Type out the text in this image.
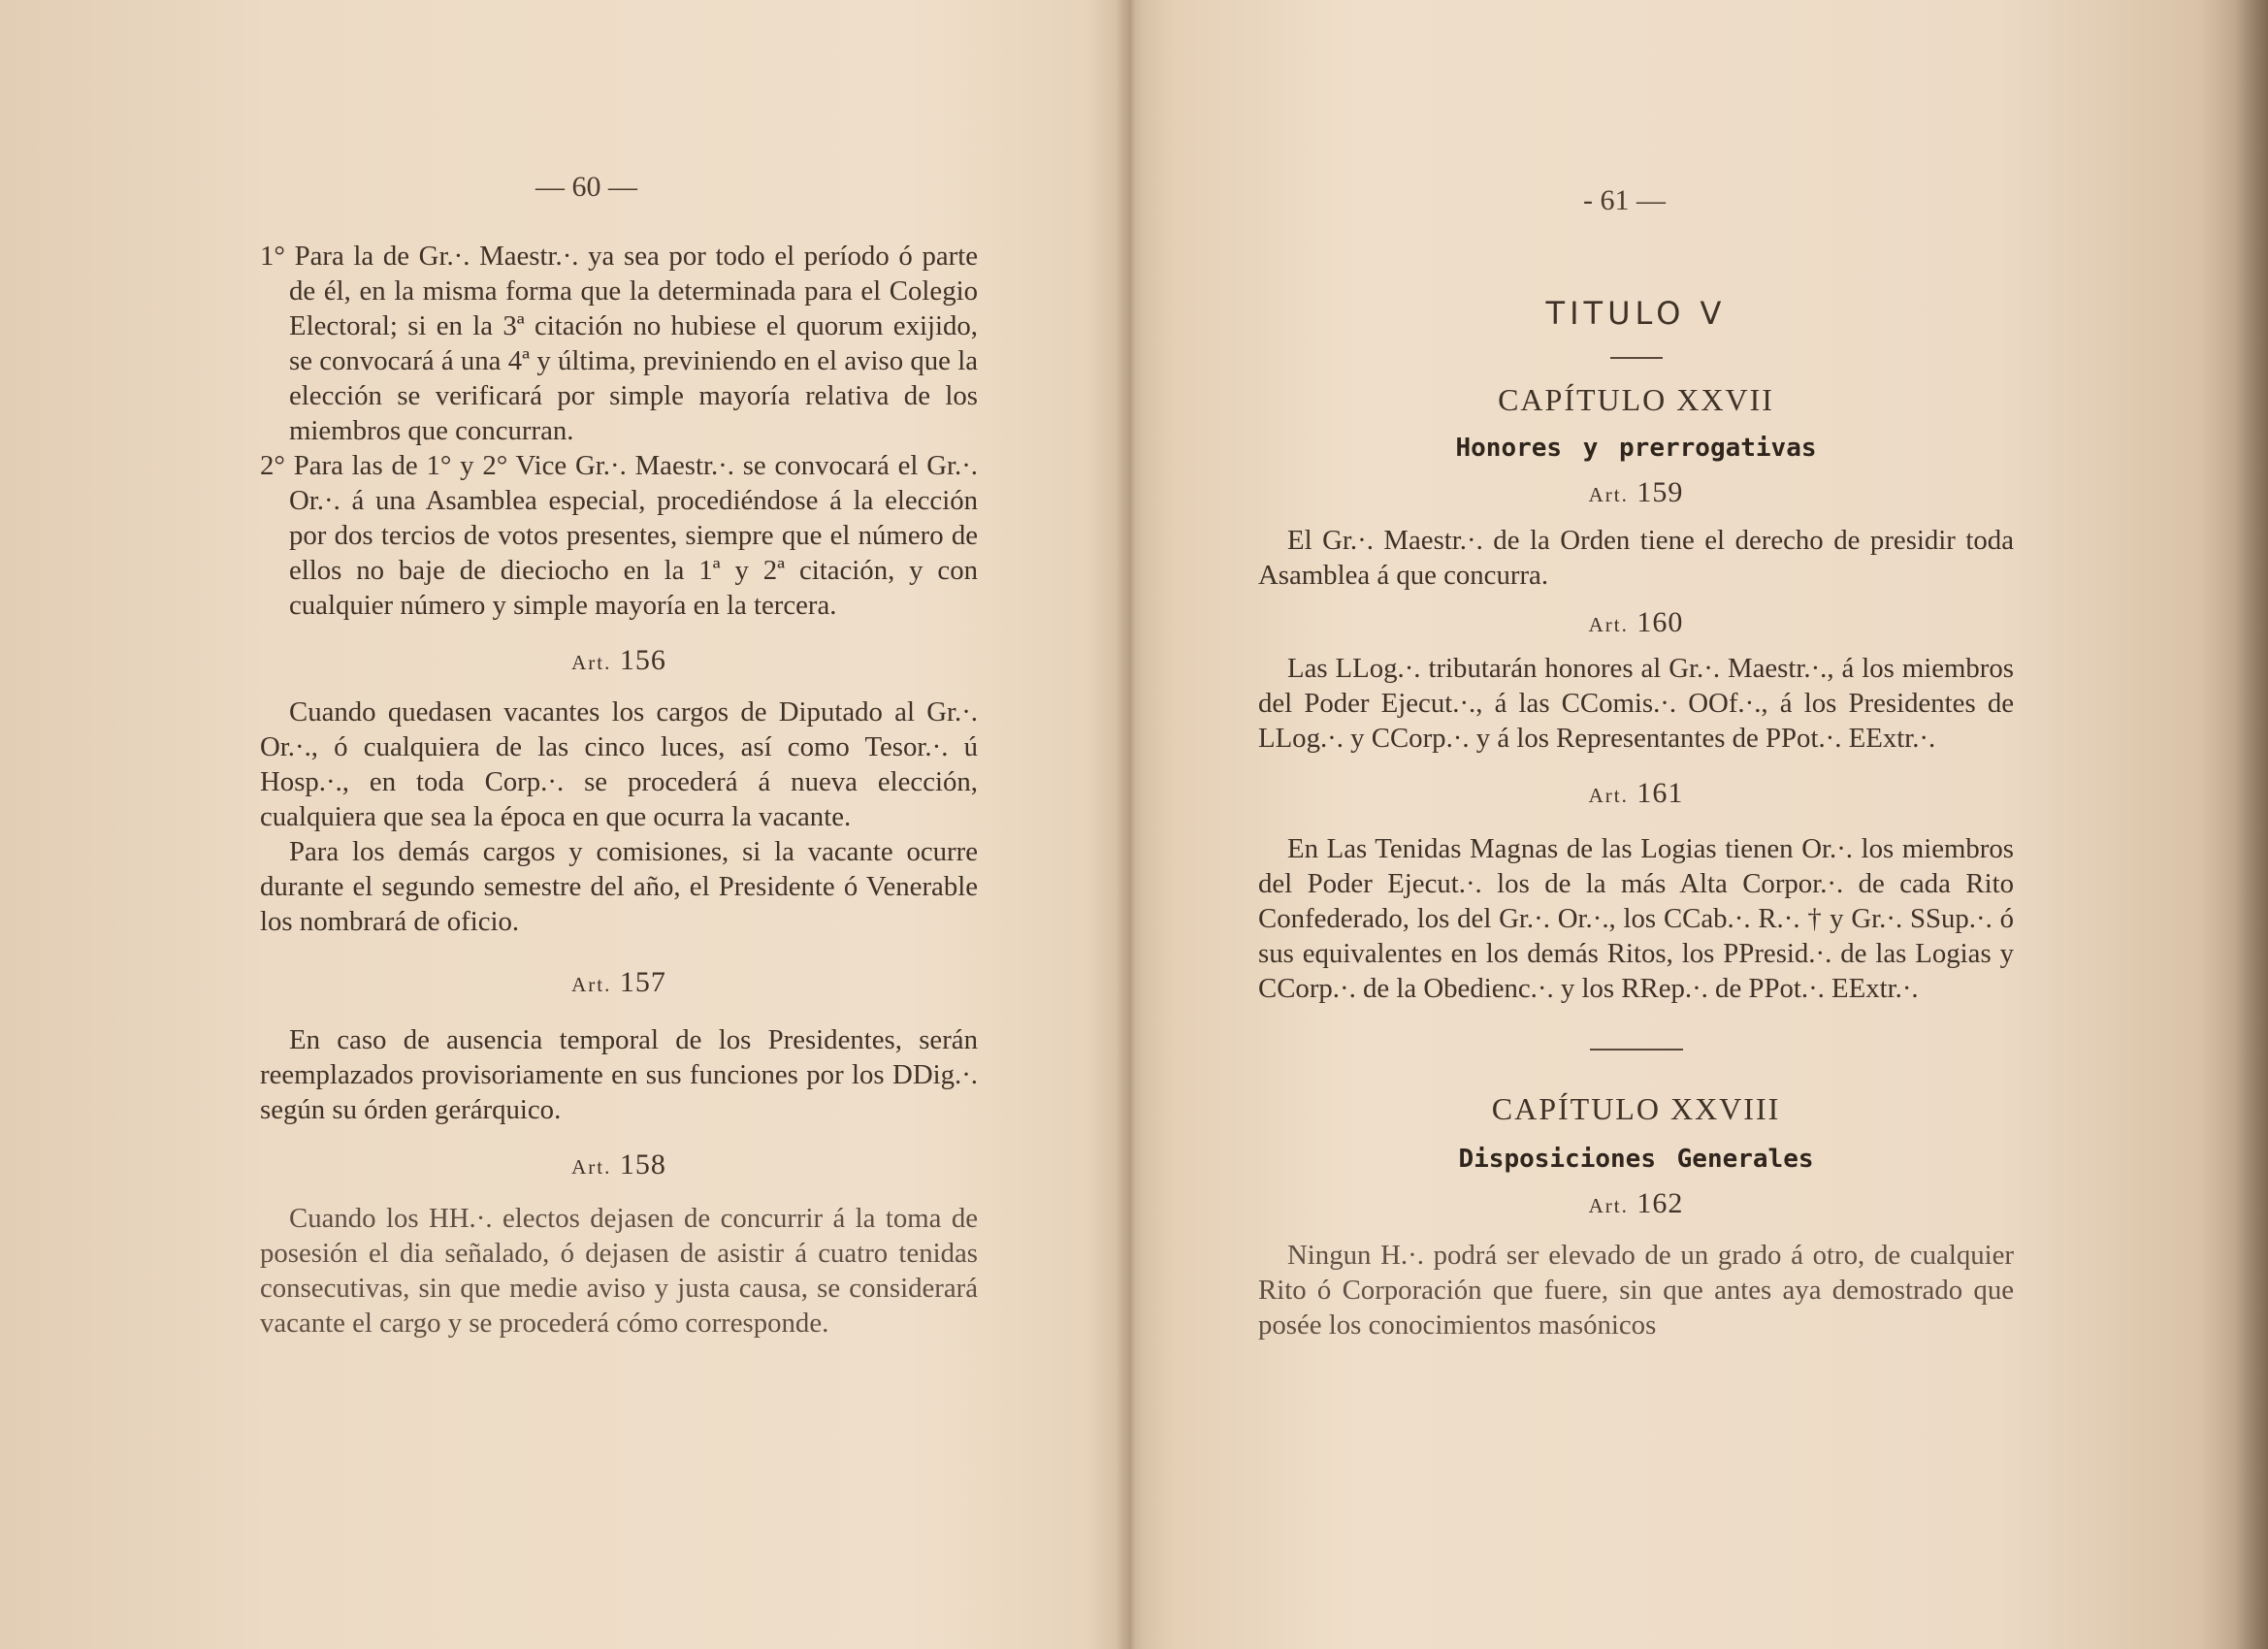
— 60 —

1° Para la de Gr.·. Maestr.·. ya sea por todo el período ó parte de él, en la misma forma que la determinada para el Colegio Electoral; si en la 3ª citación no hubiese el quorum exijido, se convocará á una 4ª y última, previniendo en el aviso que la elección se verificará por simple mayoría relativa de los miembros que concurran.

2° Para las de 1° y 2° Vice Gr.·. Maestr.·. se convocará el Gr.·. Or.·. á una Asamblea especial, procediéndose á la elección por dos tercios de votos presentes, siempre que el número de ellos no baje de dieciocho en la 1ª y 2ª citación, y con cualquier número y simple mayoría en la tercera.

Art. 156

Cuando quedasen vacantes los cargos de Diputado al Gr.·. Or.·., ó cualquiera de las cinco luces, así como Tesor.·. ú Hosp.·., en toda Corp.·. se procederá á nueva elección, cualquiera que sea la época en que ocurra la vacante.

Para los demás cargos y comisiones, si la vacante ocurre durante el segundo semestre del año, el Presidente ó Venerable los nombrará de oficio.

Art. 157

En caso de ausencia temporal de los Presidentes, serán reemplazados provisoriamente en sus funciones por los DDig.·. según su órden gerárquico.

Art. 158

Cuando los HH.·. electos dejasen de concurrir á la toma de posesión el dia señalado, ó dejasen de asistir á cuatro tenidas consecutivas, sin que medie aviso y justa causa, se considerará vacante el cargo y se procederá cómo corresponde.

- 61 —
TITULO V
CAPÍTULO XXVII
Honores y prerrogativas
Art. 159

El Gr.·. Maestr.·. de la Orden tiene el derecho de presidir toda Asamblea á que concurra.

Art. 160

Las LLog.·. tributarán honores al Gr.·. Maestr.·., á los miembros del Poder Ejecut.·., á las CComis.·. OOf.·., á los Presidentes de LLog.·. y CCorp.·. y á los Representantes de PPot.·. EExtr.·.

Art. 161

En Las Tenidas Magnas de las Logias tienen Or.·. los miembros del Poder Ejecut.·. los de la más Alta Corpor.·. de cada Rito Confederado, los del Gr.·. Or.·., los CCab.·. R.·. † y Gr.·. SSup.·. ó sus equivalentes en los demás Ritos, los PPresid.·. de las Logias y CCorp.·. de la Obedienc.·. y los RRep.·. de PPot.·. EExtr.·.

CAPÍTULO XXVIII
Disposiciones Generales
Art. 162

Ningun H.·. podrá ser elevado de un grado á otro, de cualquier Rito ó Corporación que fuere, sin que antes aya demostrado que posée los conocimientos masónicos
